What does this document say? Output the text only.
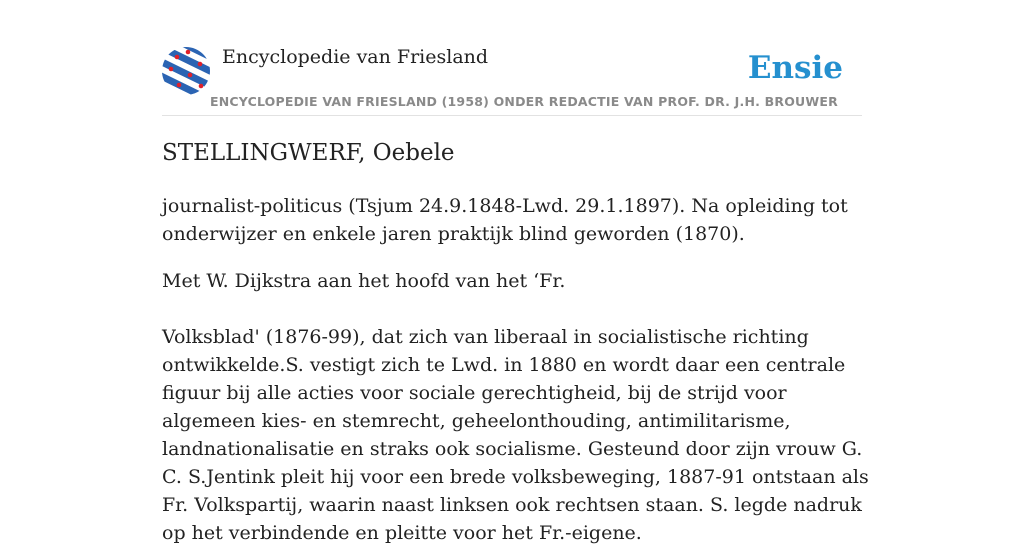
Encyclopedie van Friesland
ENCYCLOPEDIE VAN FRIESLAND (1958) ONDER REDACTIE VAN PROF. DR. J.H. BROUWER
Ensie
STELLINGWERF, Oebele

journalist-politicus (Tsjum 24.9.1848-Lwd. 29.1.1897). Na opleiding tot onderwijzer en enkele jaren praktijk blind geworden (1870).

Met W. Dijkstra aan het hoofd van het ‘Fr.

Volksblad' (1876-99), dat zich van liberaal in socialistische richting ontwikkelde.S. vestigt zich te Lwd. in 1880 en wordt daar een centrale figuur bij alle acties voor sociale gerechtigheid, bij de strijd voor algemeen kies- en stemrecht, geheelonthouding, antimilitarisme, landnationalisatie en straks ook socialisme. Gesteund door zijn vrouw G. C. S.Jentink pleit hij voor een brede volksbeweging, 1887-91 ontstaan als Fr. Volkspartij, waarin naast linksen ook rechtsen staan. S. legde nadruk op het verbindende en pleitte voor het Fr.-eigene.
